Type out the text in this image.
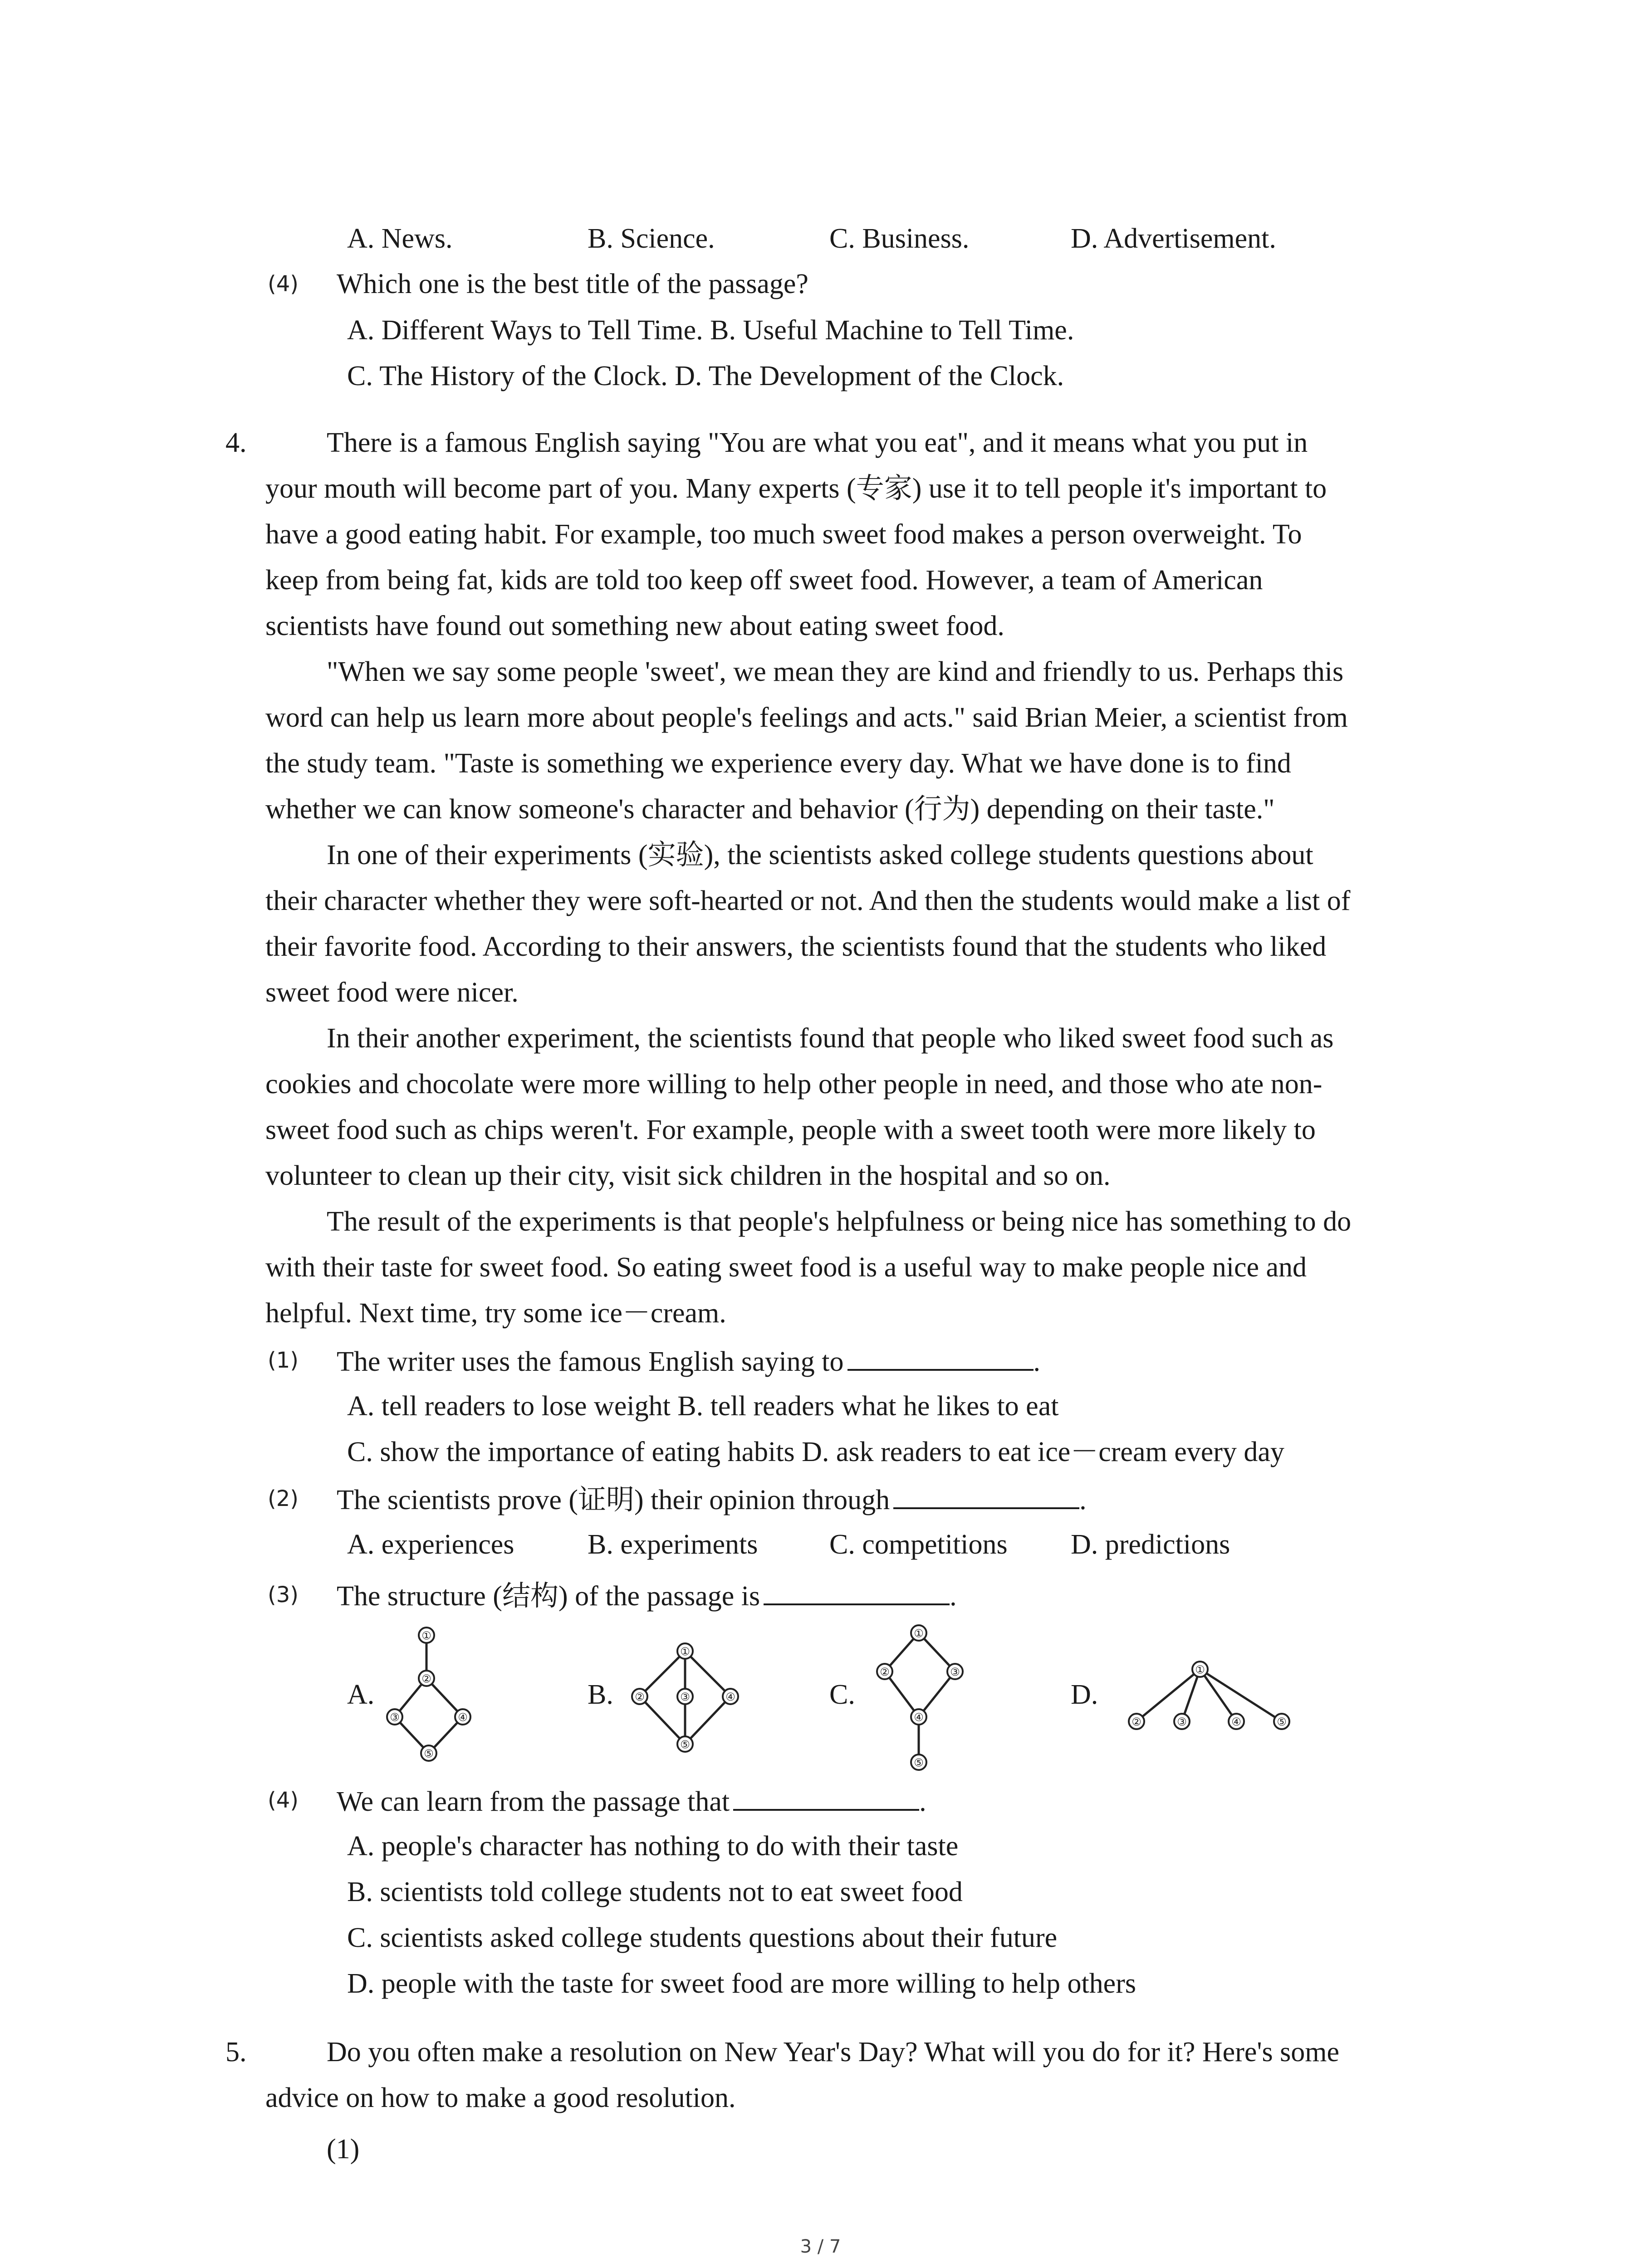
A. News.	B. Science.	C. Business.	D. Advertisement.
(4) Which one is the best title of the passage?
A. Different Ways to Tell Time. B. Useful Machine to Tell Time.
C. The History of the Clock. D. The Development of the Clock.
4.	There is a famous English saying "You are what you eat", and it means what you put in
your mouth will become part of you. Many experts (专家) use it to tell people it's important to
have a good eating habit. For example, too much sweet food makes a person overweight. To
keep from being fat, kids are told too keep off sweet food. However, a team of American
scientists have found out something new about eating sweet food.
"When we say some people 'sweet', we mean they are kind and friendly to us. Perhaps this
word can help us learn more about people's feelings and acts." said Brian Meier, a scientist from
the study team. "Taste is something we experience every day. What we have done is to find
whether we can know someone's character and behavior (行为) depending on their taste."
In one of their experiments (实验), the scientists asked college students questions about
their character whether they were soft-hearted or not. And then the students would make a list of
their favorite food. According to their answers, the scientists found that the students who liked
sweet food were nicer.
In their another experiment, the scientists found that people who liked sweet food such as
cookies and chocolate were more willing to help other people in need, and those who ate non-
sweet food such as chips weren't. For example, people with a sweet tooth were more likely to
volunteer to clean up their city, visit sick children in the hospital and so on.
The result of the experiments is that people's helpfulness or being nice has something to do
with their taste for sweet food. So eating sweet food is a useful way to make people nice and
helpful. Next time, try some ice－cream.
(1) The writer uses the famous English saying to	.
A. tell readers to lose weight B. tell readers what he likes to eat
C. show the importance of eating habits D. ask readers to eat ice－cream every day
(2) The scientists prove (证明) their opinion through	.
A. experiences	B. experiments	C. competitions D. predictions
(3) The structure (结构) of the passage is	.
A.
①
②
③	④
⑤
B.
①
②	③	④
⑤
C.
①
②	③
④
⑤
D.
①
②	③	④	⑤
(4) We can learn from the passage that	.
A. people's character has nothing to do with their taste
B. scientists told college students not to eat sweet food
C. scientists asked college students questions about their future
D. people with the taste for sweet food are more willing to help others
5.	Do you often make a resolution on New Year's Day? What will you do for it? Here's some
advice on how to make a good resolution.
(1)
3 / 7
